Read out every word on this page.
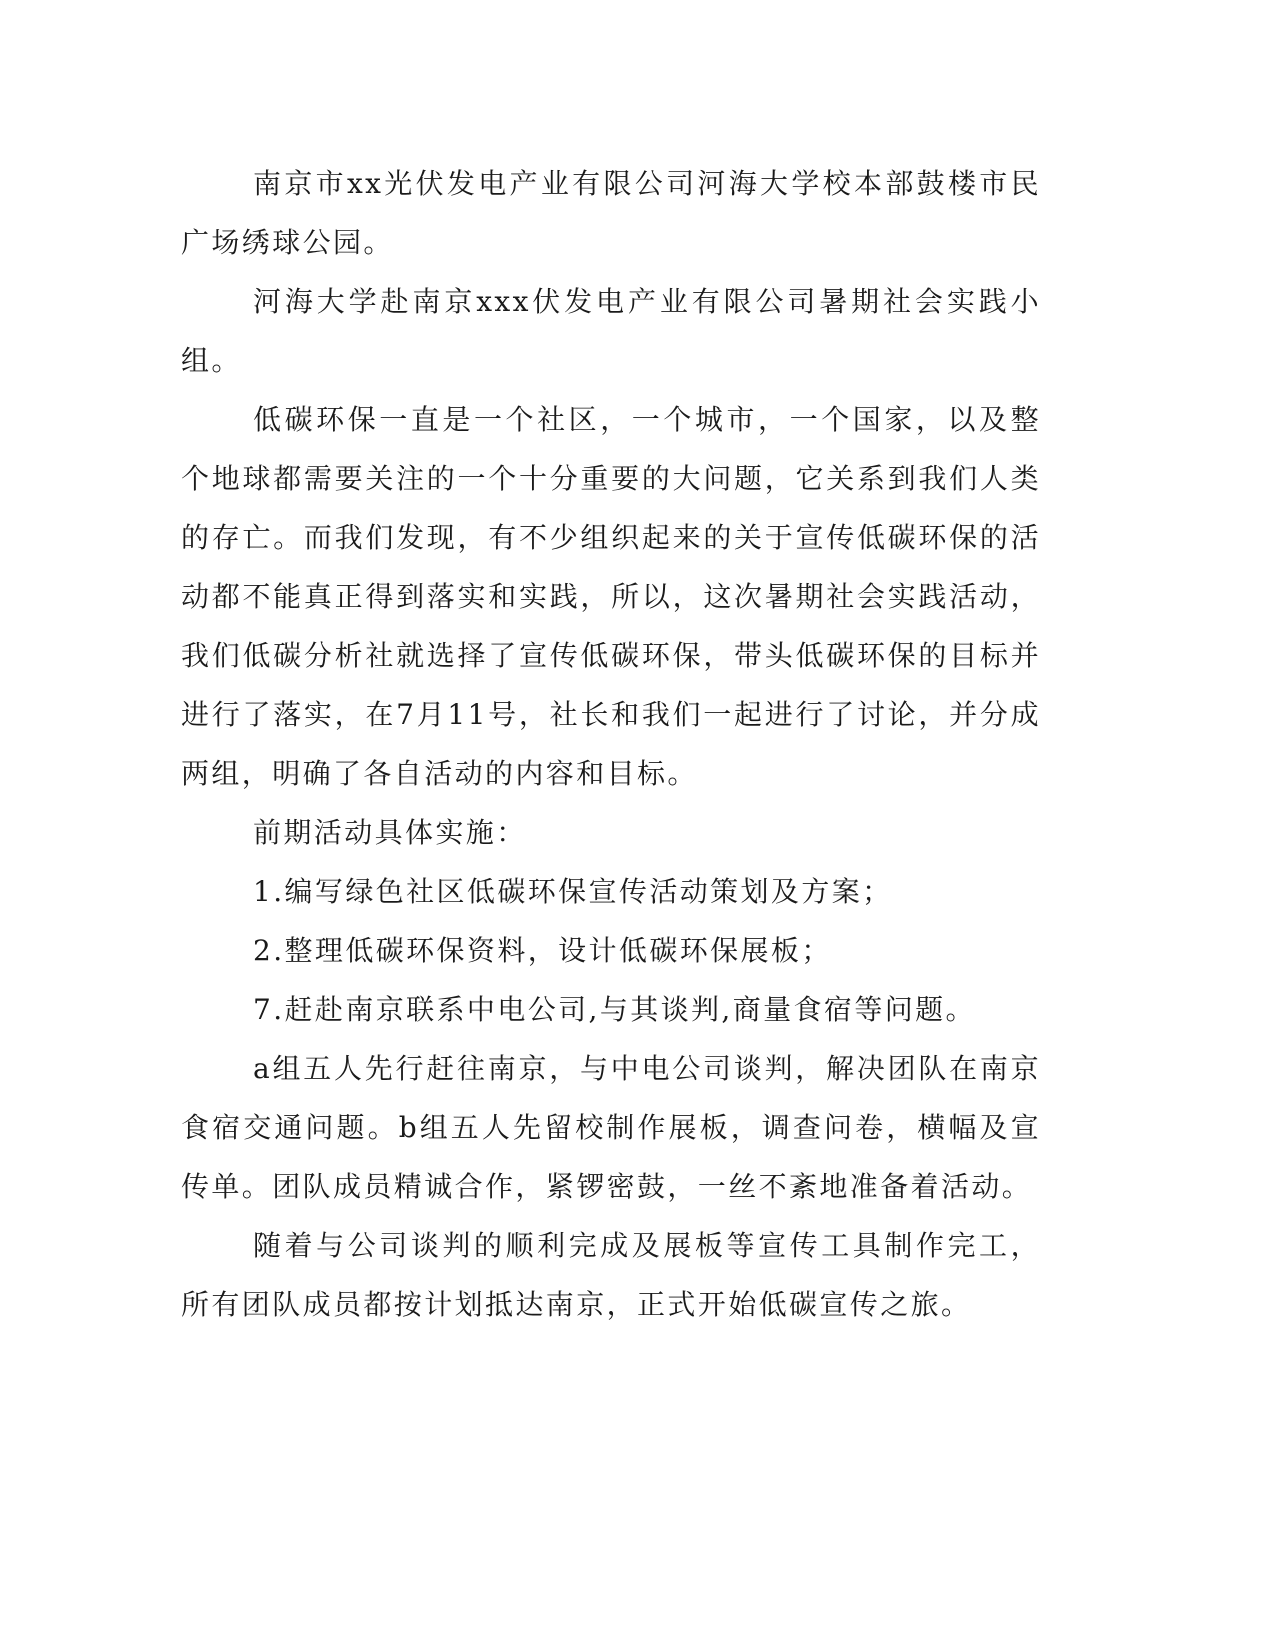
南京市xx光伏发电产业有限公司河海大学校本部鼓楼市民广场绣球公园。

河海大学赴南京xxx伏发电产业有限公司暑期社会实践小组。

低碳环保一直是一个社区，一个城市，一个国家，以及整个地球都需要关注的一个十分重要的大问题，它关系到我们人类的存亡。而我们发现，有不少组织起来的关于宣传低碳环保的活动都不能真正得到落实和实践，所以，这次暑期社会实践活动，我们低碳分析社就选择了宣传低碳环保，带头低碳环保的目标并进行了落实，在7月11号，社长和我们一起进行了讨论，并分成两组，明确了各自活动的内容和目标。

前期活动具体实施：

1.编写绿色社区低碳环保宣传活动策划及方案；

2.整理低碳环保资料，设计低碳环保展板；

7.赶赴南京联系中电公司,与其谈判,商量食宿等问题。

a组五人先行赶往南京，与中电公司谈判，解决团队在南京食宿交通问题。b组五人先留校制作展板，调查问卷，横幅及宣传单。团队成员精诚合作，紧锣密鼓，一丝不紊地准备着活动。

随着与公司谈判的顺利完成及展板等宣传工具制作完工，所有团队成员都按计划抵达南京，正式开始低碳宣传之旅。
